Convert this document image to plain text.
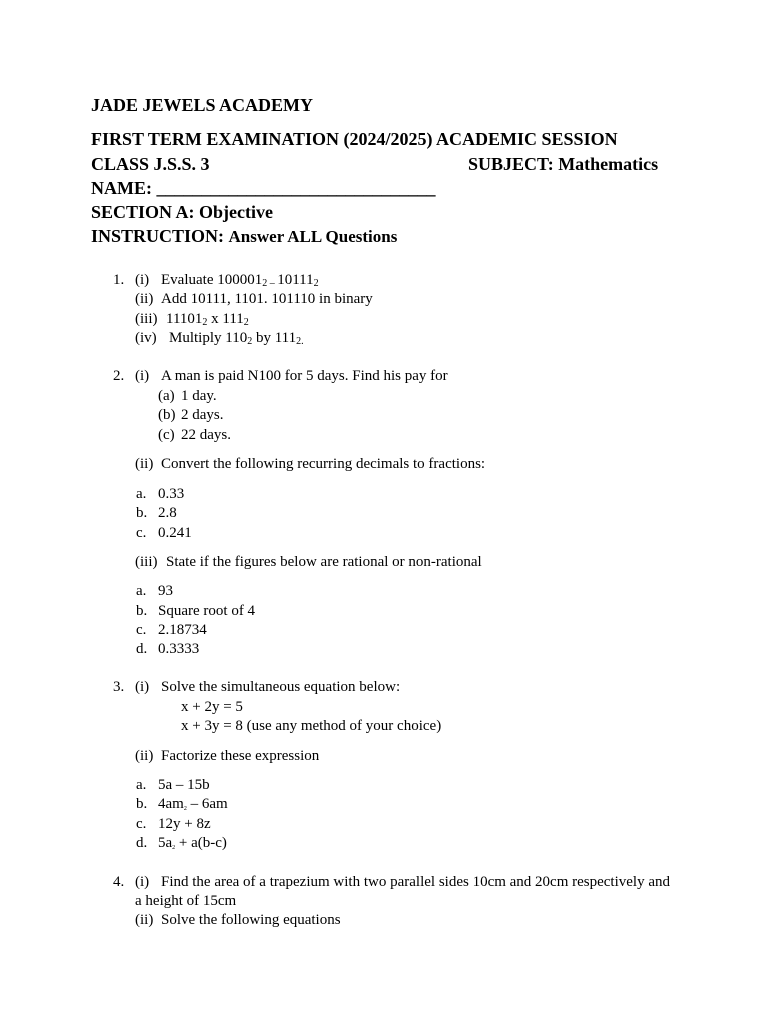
JADE JEWELS ACADEMY
FIRST TERM EXAMINATION (2024/2025) ACADEMIC SESSION
CLASS J.S.S. 3	SUBJECT: Mathematics
NAME: _______________________________
SECTION A: Objective
INSTRUCTION: Answer ALL Questions
1. (i) Evaluate $100001_2$ $_-$ $10111_2$
(ii) Add 10111, 1101. 101110 in binary
(iii) $11101_2$ x $111_2$
(iv) Multiply $110_2$ by $111_{2.}$
2. (i) A man is paid N100 for 5 days. Find his pay for
(a) 1 day.
(b) 2 days.
(c) 22 days.
(ii) Convert the following recurring decimals to fractions:
a. 0.33
b. 2.8
c. 0.241
(iii) State if the figures below are rational or non-rational
a. 93
b. Square root of 4
c. 2.18734
d. 0.3333
3. (i) Solve the simultaneous equation below:
x + 2y = 5
x + 3y = 8 (use any method of your choice)
(ii) Factorize these expression
a. 5a – 15b
b. $4am_2 - 6am$
c. 12y + 8z
d. $5a_2 + a(b-c)$
4. (i) Find the area of a trapezium with two parallel sides 10cm and 20cm respectively and
a height of 15cm
(ii) Solve the following equations
